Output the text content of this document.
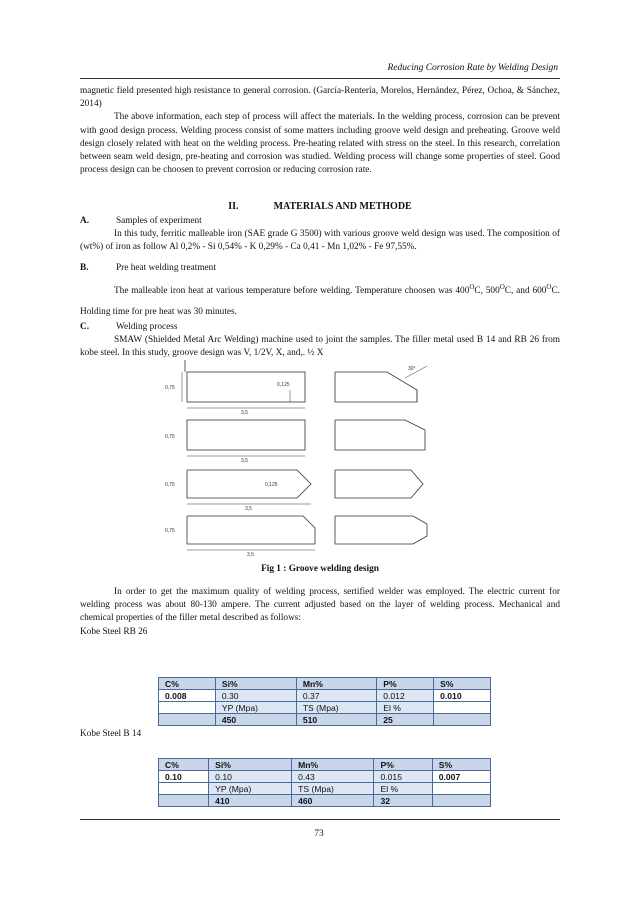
Reducing Corrosion Rate by Welding Design

magnetic field presented high resistance to general corrosion. (García-Rentería, Morelos, Hernández, Pérez, Ochoa, & Sánchez, 2014)

The above information, each step of process will affect the materials. In the welding process, corrosion can be prevent with good design process. Welding process consist of some matters including groove weld design and preheating. Groove weld design closely related with heat on the welding process. Pre-heating related with stress on the steel. In this research, correlation between seam weld design, pre-heating and corrosion was studied. Welding process will change some properties of steel. Good process design can be choosen to prevent corrosion or reducing corrosion rate.

II.	MATERIALS AND METHODE

A.	Samples of experiment

In this tudy, ferritic malleable iron (SAE grade G 3500) with various groove weld design was used. The composition of (wt%) of iron as follow Al 0,2% - Si 0,54% - K 0,29% - Ca 0,41 - Mn 1,02% - Fe 97,55%.

B.	Pre heat welding treatment

The malleable iron heat at various temperature before welding. Temperature choosen was $400^OC$, $500^OC$, and $600^OC$. Holding time for pre heat was 30 minutes.

C.	Welding process

SMAW (Shielded Metal Arc Welding) machine used to joint the samples. The filler metal used B 14 and RB 26 from kobe steel. In this study, groove design was V, 1/2V, X, and,. ½ X

0,75
3,5
30°
0,125
0,75
3,5
0,75	0,125
3,5
0,75
3,5
Fig 1 : Groove welding design

In order to get the maximum quality of welding process, sertified welder was employed. The electric current for welding process was about 80-130 ampere. The current adjusted based on the layer of welding process. Mechanical and chemical properties of the filler metal described as follows:

Kobe Steel RB 26

C%	Si%	Mn%	P%	S%
0.008	0.30	0.37	0.012	0.010
	YP (Mpa)	TS (Mpa)	El %	
	450	510	25	

Kobe Steel B 14

C%	Si%	Mn%	P%	S%
0.10	0.10	0.43	0.015	0.007
	YP (Mpa)	TS (Mpa)	El %	
	410	460	32	
73
